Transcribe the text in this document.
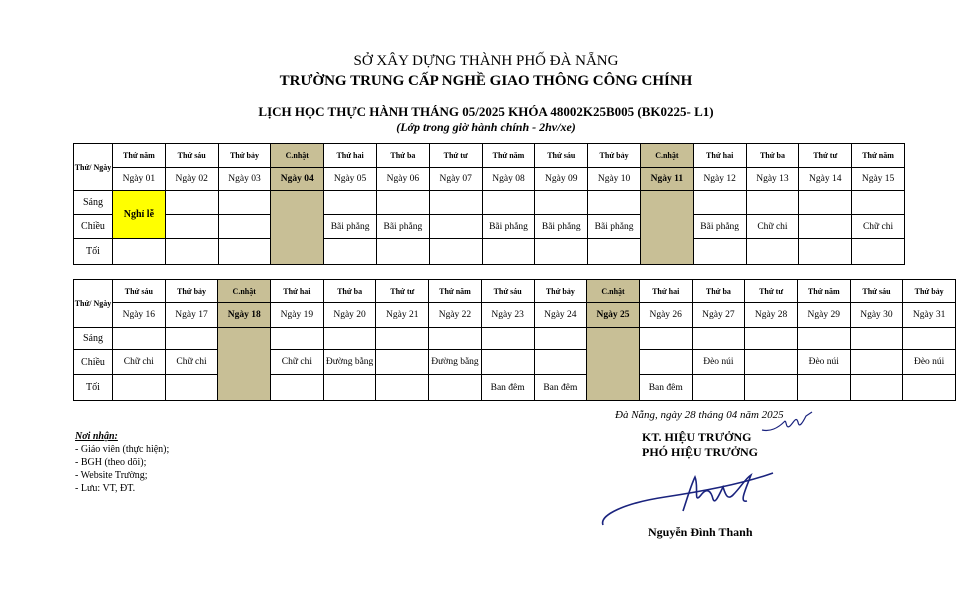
SỞ XÂY DỰNG THÀNH PHỐ ĐÀ NẴNG
TRƯỜNG TRUNG CẤP NGHỀ GIAO THÔNG CÔNG CHÍNH
LỊCH HỌC THỰC HÀNH THÁNG 05/2025 KHÓA 48002K25B005 (BK0225- L1)
(Lớp trong giờ hành chính - 2hv/xe)
Thứ/ Ngày	Thứ năm	Thứ sáu	Thứ bảy	C.nhật	Thứ hai	Thứ ba	Thứ tư	Thứ năm	Thứ sáu	Thứ bảy	C.nhật	Thứ hai	Thứ ba	Thứ tư	Thứ năm
	Ngày 01	Ngày 02	Ngày 03	Ngày 04	Ngày 05	Ngày 06	Ngày 07	Ngày 08	Ngày 09	Ngày 10	Ngày 11	Ngày 12	Ngày 13	Ngày 14	Ngày 15
Sáng	Nghỉ lễ														
Chiều					Bãi phẳng	Bãi phẳng		Bãi phẳng	Bãi phẳng	Bãi phẳng		Bãi phẳng	Chữ chi		Chữ chi
Tối															
Thứ/ Ngày	Thứ sáu	Thứ bảy	C.nhật	Thứ hai	Thứ ba	Thứ tư	Thứ năm	Thứ sáu	Thứ bảy	C.nhật	Thứ hai	Thứ ba	Thứ tư	Thứ năm	Thứ sáu	Thứ bảy
	Ngày 16	Ngày 17	Ngày 18	Ngày 19	Ngày 20	Ngày 21	Ngày 22	Ngày 23	Ngày 24	Ngày 25	Ngày 26	Ngày 27	Ngày 28	Ngày 29	Ngày 30	Ngày 31
Sáng																
Chiều	Chữ chi	Chữ chi		Chữ chi	Đường bằng		Đường bằng					Đèo núi		Đèo núi		Đèo núi
Tối								Ban đêm	Ban đêm		Ban đêm					
Nơi nhận:
- Giáo viên (thực hiện);
- BGH (theo dõi);
- Website Trường;
- Lưu: VT, ĐT.
Đà Nẵng, ngày 28 tháng 04 năm 2025
KT. HIỆU TRƯỞNG
PHÓ HIỆU TRƯỞNG
Nguyễn Đình Thanh
